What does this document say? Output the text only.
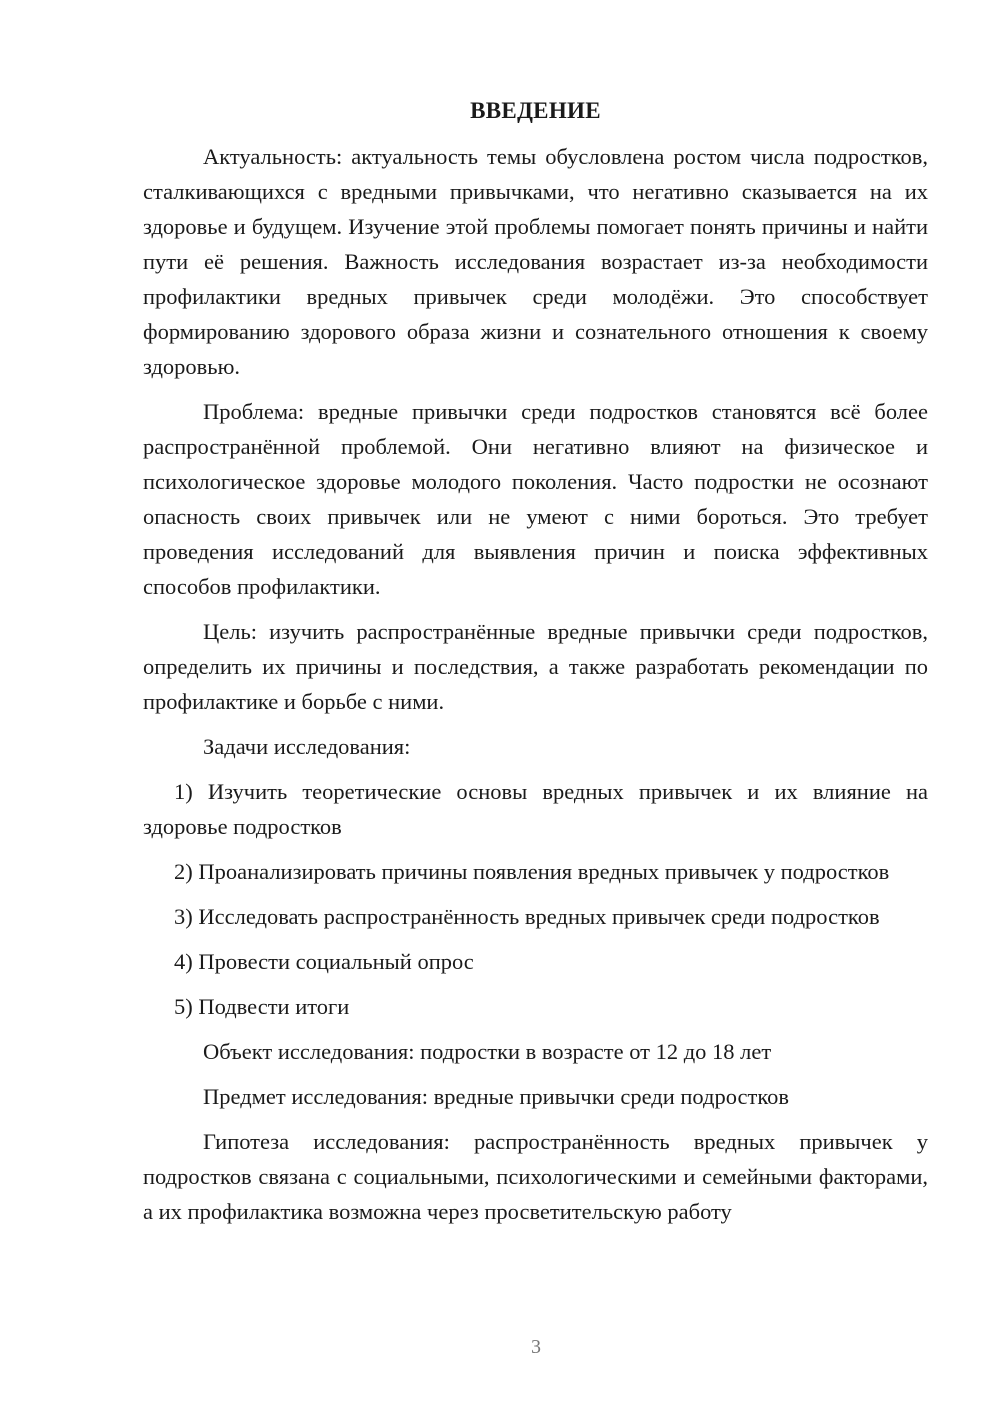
ВВЕДЕНИЕ

Актуальность: актуальность темы обусловлена ростом числа подростков, сталкивающихся с вредными привычками, что негативно сказывается на их здоровье и будущем. Изучение этой проблемы помогает понять причины и найти пути её решения. Важность исследования возрастает из-за необходимости профилактики вредных привычек среди молодёжи. Это способствует формированию здорового образа жизни и сознательного отношения к своему здоровью.

Проблема: вредные привычки среди подростков становятся всё более распространённой проблемой. Они негативно влияют на физическое и психологическое здоровье молодого поколения. Часто подростки не осознают опасность своих привычек или не умеют с ними бороться. Это требует проведения исследований для выявления причин и поиска эффективных способов профилактики.

Цель: изучить распространённые вредные привычки среди подростков, определить их причины и последствия, а также разработать рекомендации по профилактике и борьбе с ними.

Задачи исследования:

1) Изучить теоретические основы вредных привычек и их влияние на здоровье подростков

2) Проанализировать причины появления вредных привычек у подростков

3) Исследовать распространённость вредных привычек среди подростков

4) Провести социальный опрос

5) Подвести итоги

Объект исследования: подростки в возрасте от 12 до 18 лет

Предмет исследования: вредные привычки среди подростков

Гипотеза исследования: распространённость вредных привычек у подростков связана с социальными, психологическими и семейными факторами, а их профилактика возможна через просветительскую работу

3
